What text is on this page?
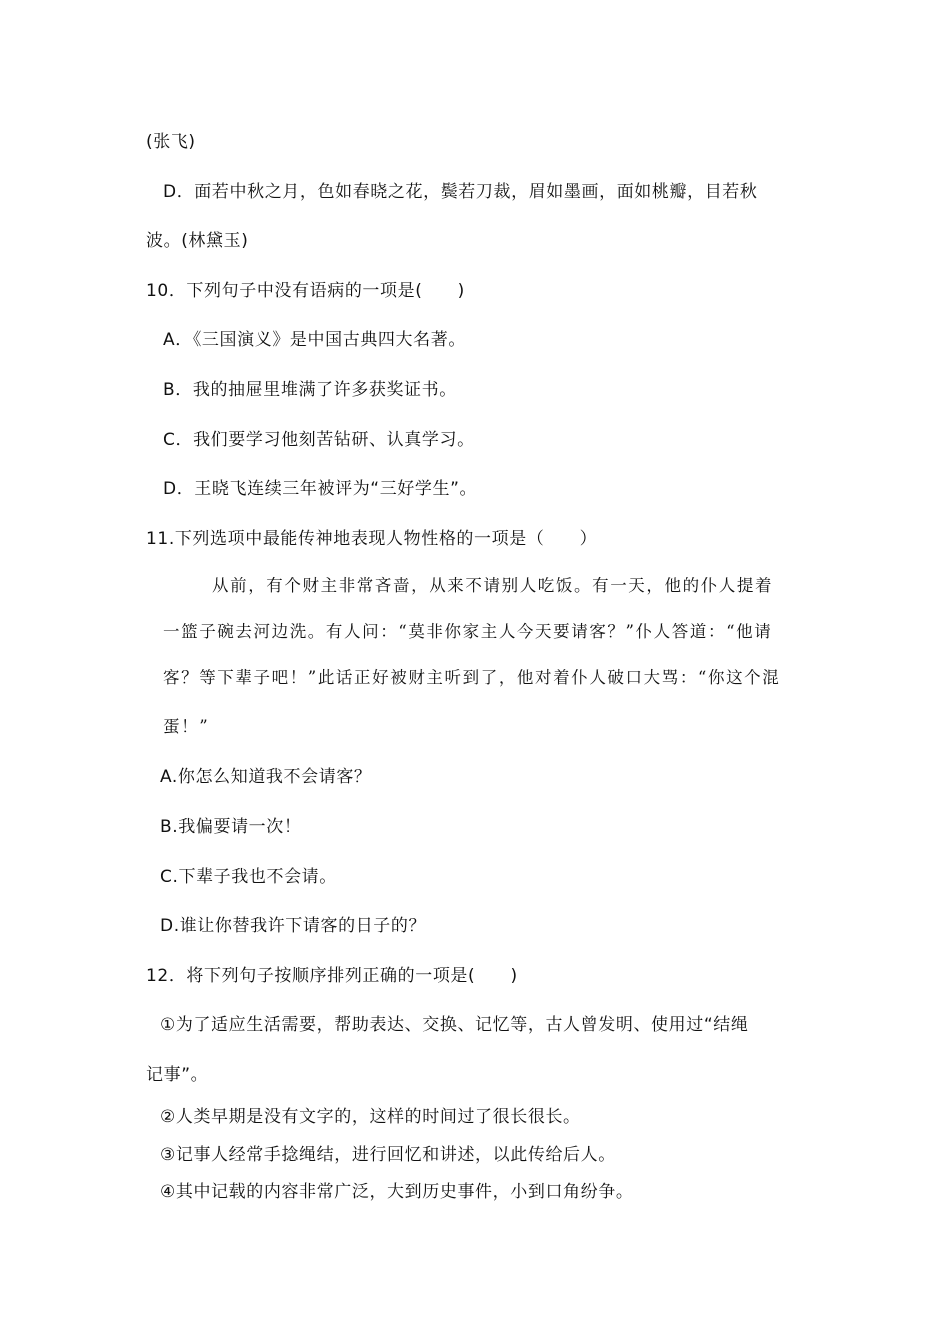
(张飞)

D．面若中秋之月，色如春晓之花，鬓若刀裁，眉如墨画，面如桃瓣，目若秋

波。(林黛玉)

10．下列句子中没有语病的一项是(　　)

A．《三国演义》是中国古典四大名著。

B．我的抽屉里堆满了许多获奖证书。

C．我们要学习他刻苦钻研、认真学习。

D．王晓飞连续三年被评为“三好学生”。

11.下列选项中最能传神地表现人物性格的一项是（　　）

从前，有个财主非常吝啬，从来不请别人吃饭。有一天，他的仆人提着

一篮子碗去河边洗。有人问：“莫非你家主人今天要请客？”仆人答道：“他请

客？等下辈子吧！”此话正好被财主听到了，他对着仆人破口大骂：“你这个混

蛋！”

A.你怎么知道我不会请客？

B.我偏要请一次！

C.下辈子我也不会请。

D.谁让你替我许下请客的日子的？

12．将下列句子按顺序排列正确的一项是(　　)

①为了适应生活需要，帮助表达、交换、记忆等，古人曾发明、使用过“结绳

记事”。

②人类早期是没有文字的，这样的时间过了很长很长。

③记事人经常手捻绳结，进行回忆和讲述，以此传给后人。

④其中记载的内容非常广泛，大到历史事件，小到口角纷争。
